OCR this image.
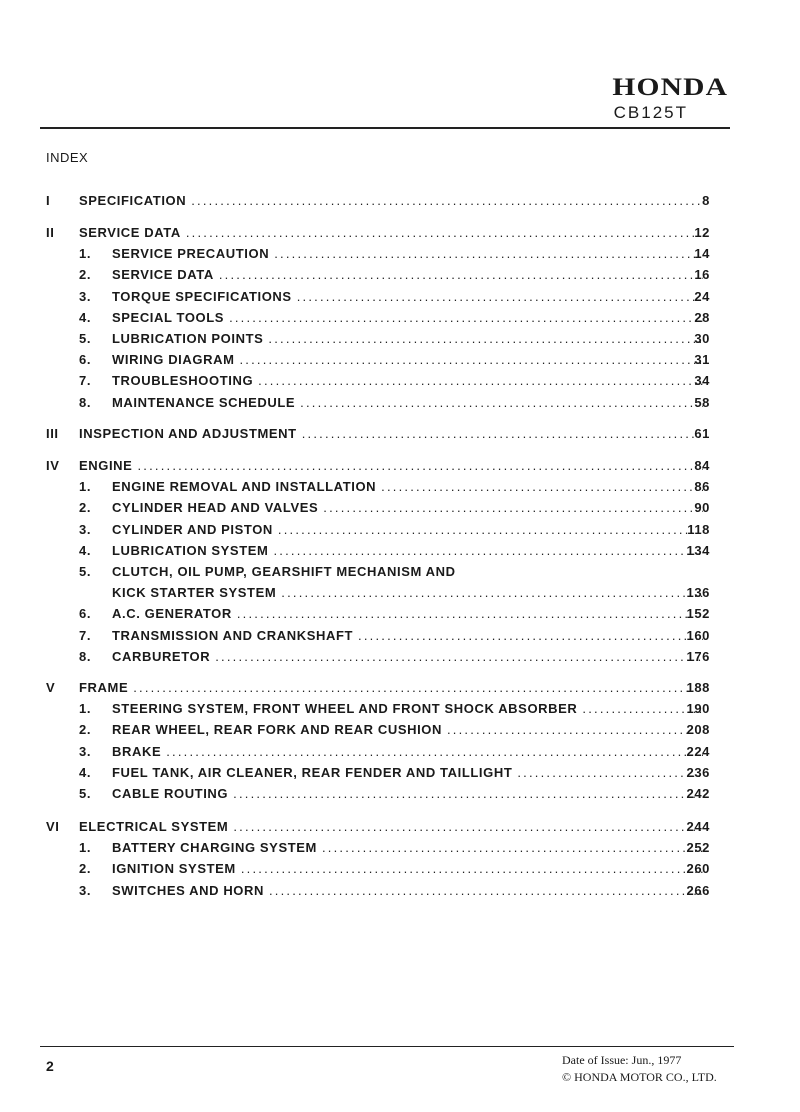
HONDA
CB125T
INDEX
I SPECIFICATION .....	8
II SERVICE DATA .....	12
1. SERVICE PRECAUTION .....	14
2. SERVICE DATA .....	16
3. TORQUE SPECIFICATIONS .....	24
4. SPECIAL TOOLS .....	28
5. LUBRICATION POINTS .....	30
6. WIRING DIAGRAM .....	31
7. TROUBLESHOOTING .....	34
8. MAINTENANCE SCHEDULE .....	58
III INSPECTION AND ADJUSTMENT .....	61
IV ENGINE .....	84
1. ENGINE REMOVAL AND INSTALLATION .....	86
2. CYLINDER HEAD AND VALVES .....	90
3. CYLINDER AND PISTON .....	118
4. LUBRICATION SYSTEM .....	134
5. CLUTCH, OIL PUMP, GEARSHIFT MECHANISM AND
KICK STARTER SYSTEM .....	136
6. A.C. GENERATOR .....	152
7. TRANSMISSION AND CRANKSHAFT .....	160
8. CARBURETOR .....	176
V FRAME .....	188
1. STEERING SYSTEM, FRONT WHEEL AND FRONT SHOCK ABSORBER .....	190
2. REAR WHEEL, REAR FORK AND REAR CUSHION .....	208
3. BRAKE .....	224
4. FUEL TANK, AIR CLEANER, REAR FENDER AND TAILLIGHT .....	236
5. CABLE ROUTING .....	242
VI ELECTRICAL SYSTEM .....	244
1. BATTERY CHARGING SYSTEM .....	252
2. IGNITION SYSTEM .....	260
3. SWITCHES AND HORN .....	266
2	Date of Issue: Jun., 1977
© HONDA MOTOR CO., LTD.
